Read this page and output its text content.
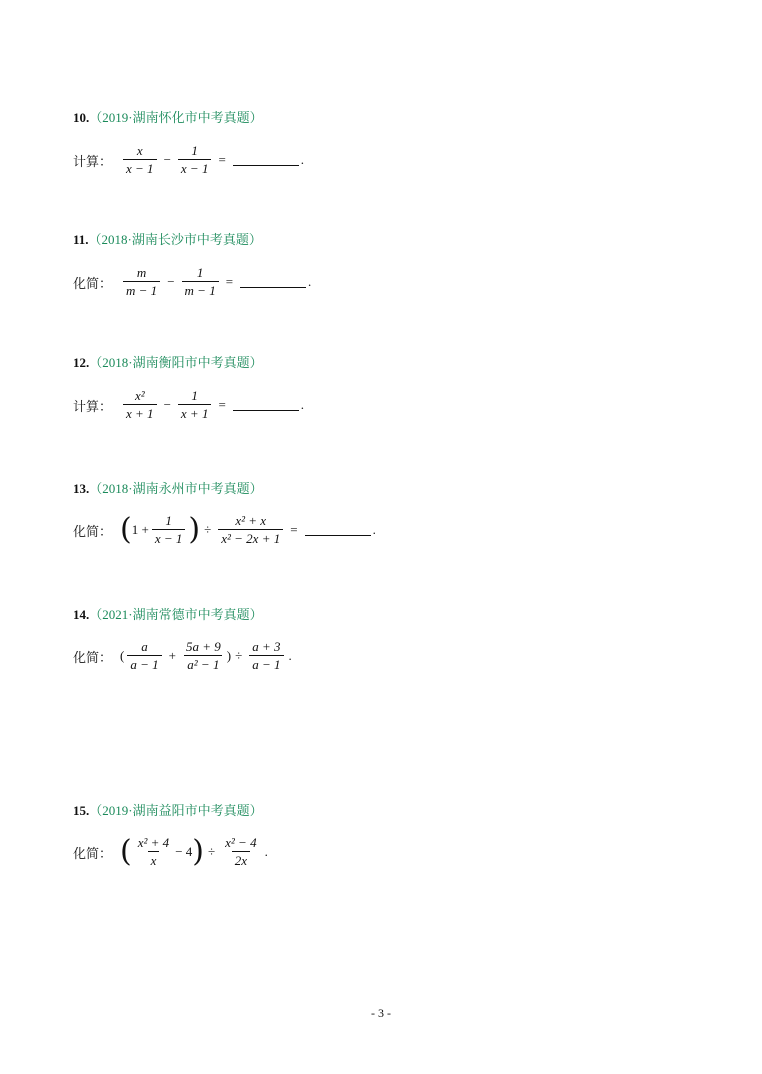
10.（2019·湖南怀化市中考真题）
计算： $\frac{x}{x - 1} - \frac{1}{x - 1}$ =	.
11.（2018·湖南长沙市中考真题）
化简： $\frac{m}{m - 1} - \frac{1}{m - 1}$ =	.
12.（2018·湖南衡阳市中考真题）
计算： $\frac{\text{x²}}{x + 1} - \frac{1}{x + 1}$ =	.
13.（2018·湖南永州市中考真题）
化简： ( $1 + \frac{1}{x - 1}$ ) ÷ $\frac{\text{x² + x}}{\text{x² − 2x + 1}}$ =	.
14.（2021·湖南常德市中考真题）
化简： ( $\frac{a}{a - 1} + \frac{5a + 9}{\text{a² − 1}}$ ) ÷ $\frac{a + 3}{a - 1}$ .
15.（2019·湖南益阳市中考真题）
化简： ( $\frac{\text{x² + 4}}{x} - 4$ ) ÷ $\frac{\text{x² − 4}}{2x}$ .
- 3 -
